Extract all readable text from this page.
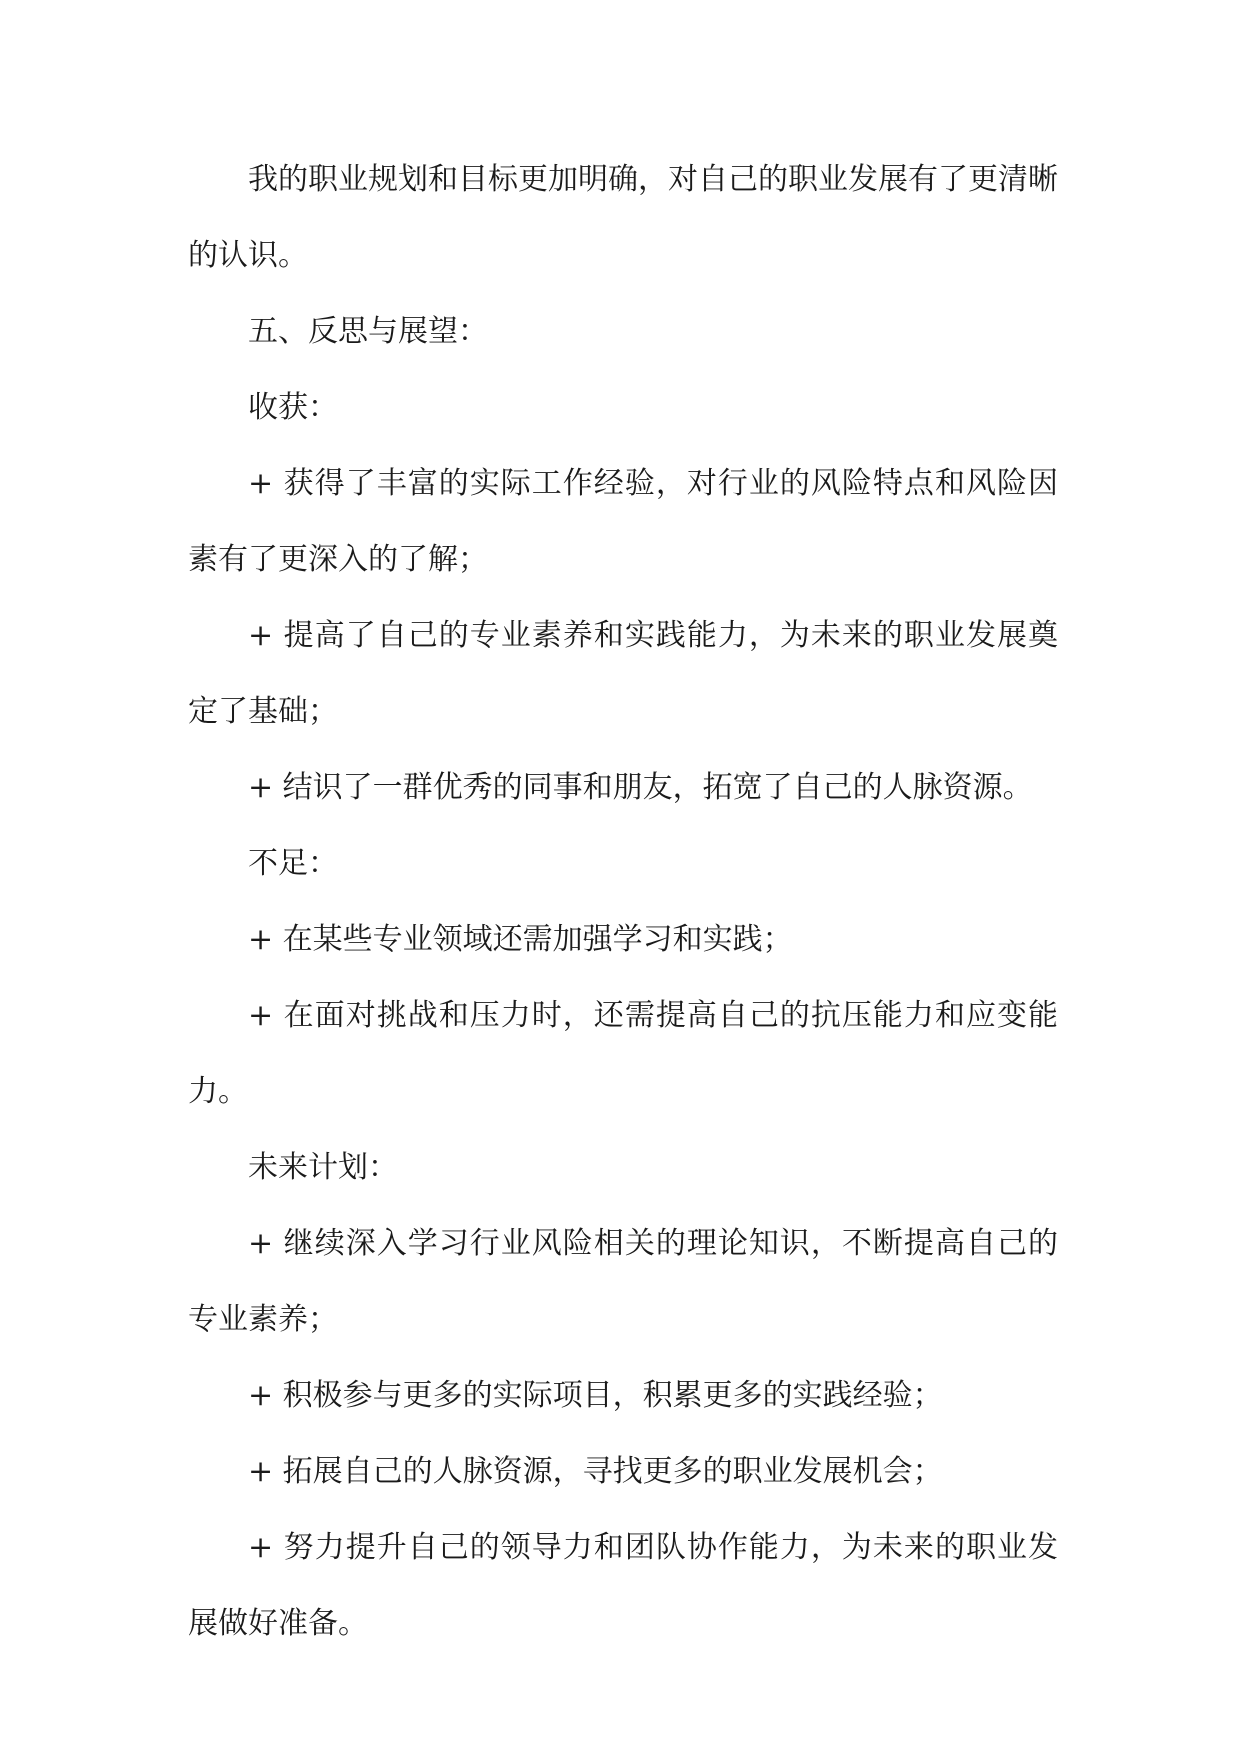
我的职业规划和目标更加明确，对自己的职业发展有了更清晰的认识。

五、反思与展望：

收获：

+ 获得了丰富的实际工作经验，对行业的风险特点和风险因素有了更深入的了解；

+ 提高了自己的专业素养和实践能力，为未来的职业发展奠定了基础；

+ 结识了一群优秀的同事和朋友，拓宽了自己的人脉资源。

不足：

+ 在某些专业领域还需加强学习和实践；

+ 在面对挑战和压力时，还需提高自己的抗压能力和应变能力。

未来计划：

+ 继续深入学习行业风险相关的理论知识，不断提高自己的专业素养；

+ 积极参与更多的实际项目，积累更多的实践经验；

+ 拓展自己的人脉资源，寻找更多的职业发展机会；

+ 努力提升自己的领导力和团队协作能力，为未来的职业发展做好准备。
